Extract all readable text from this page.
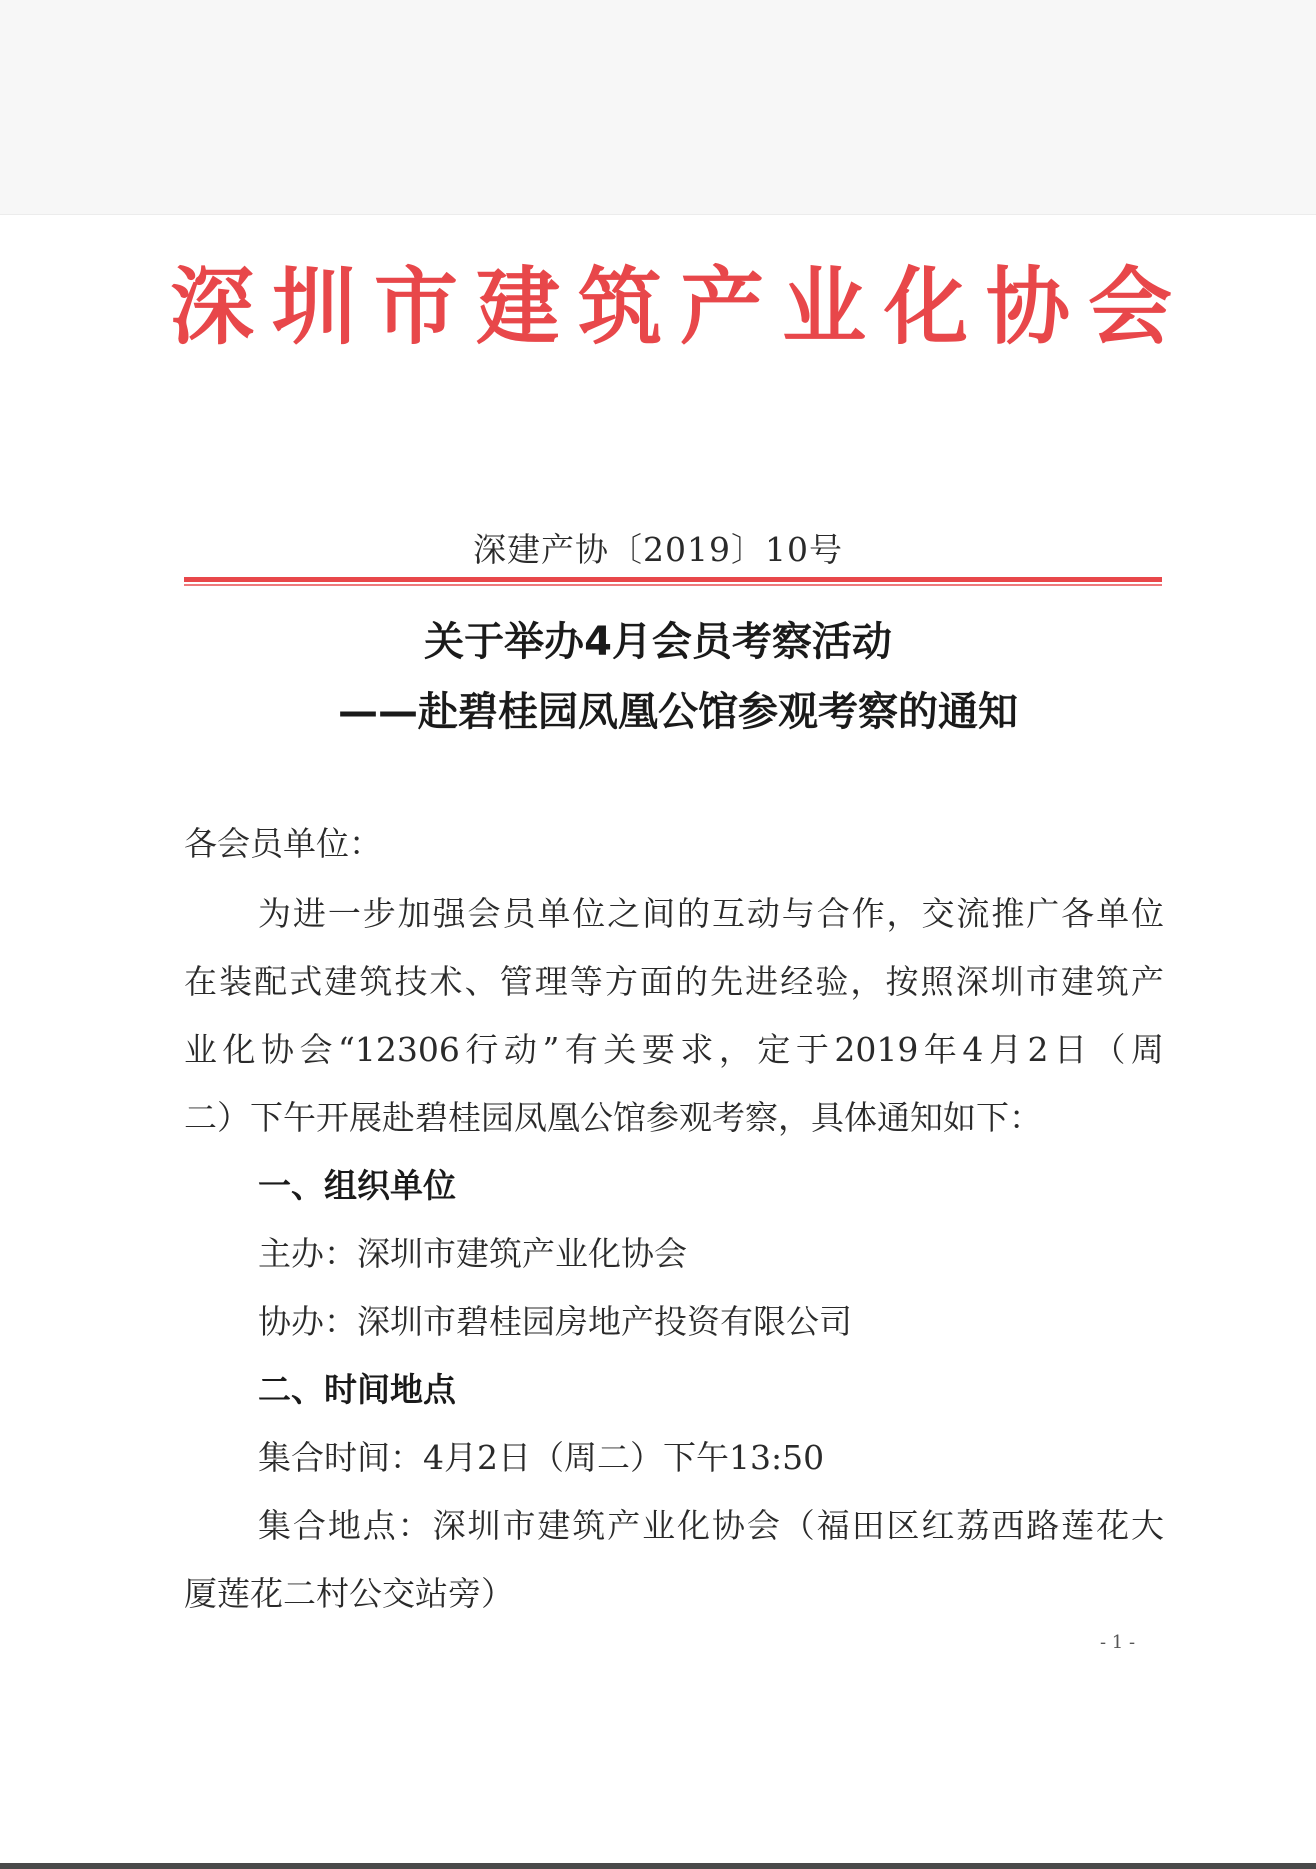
深圳市建筑产业化协会
深建产协〔2019〕10号
关于举办4月会员考察活动
——赴碧桂园凤凰公馆参观考察的通知
各会员单位：
为进一步加强会员单位之间的互动与合作，交流推广各单位
在装配式建筑技术、管理等方面的先进经验，按照深圳市建筑产
业化协会“12306行动”有关要求，定于2019年4月2日（周
二）下午开展赴碧桂园凤凰公馆参观考察，具体通知如下：
一、组织单位
主办：深圳市建筑产业化协会
协办：深圳市碧桂园房地产投资有限公司
二、时间地点
集合时间：4月2日（周二）下午13:50
集合地点：深圳市建筑产业化协会（福田区红荔西路莲花大
厦莲花二村公交站旁）
- 1 -
